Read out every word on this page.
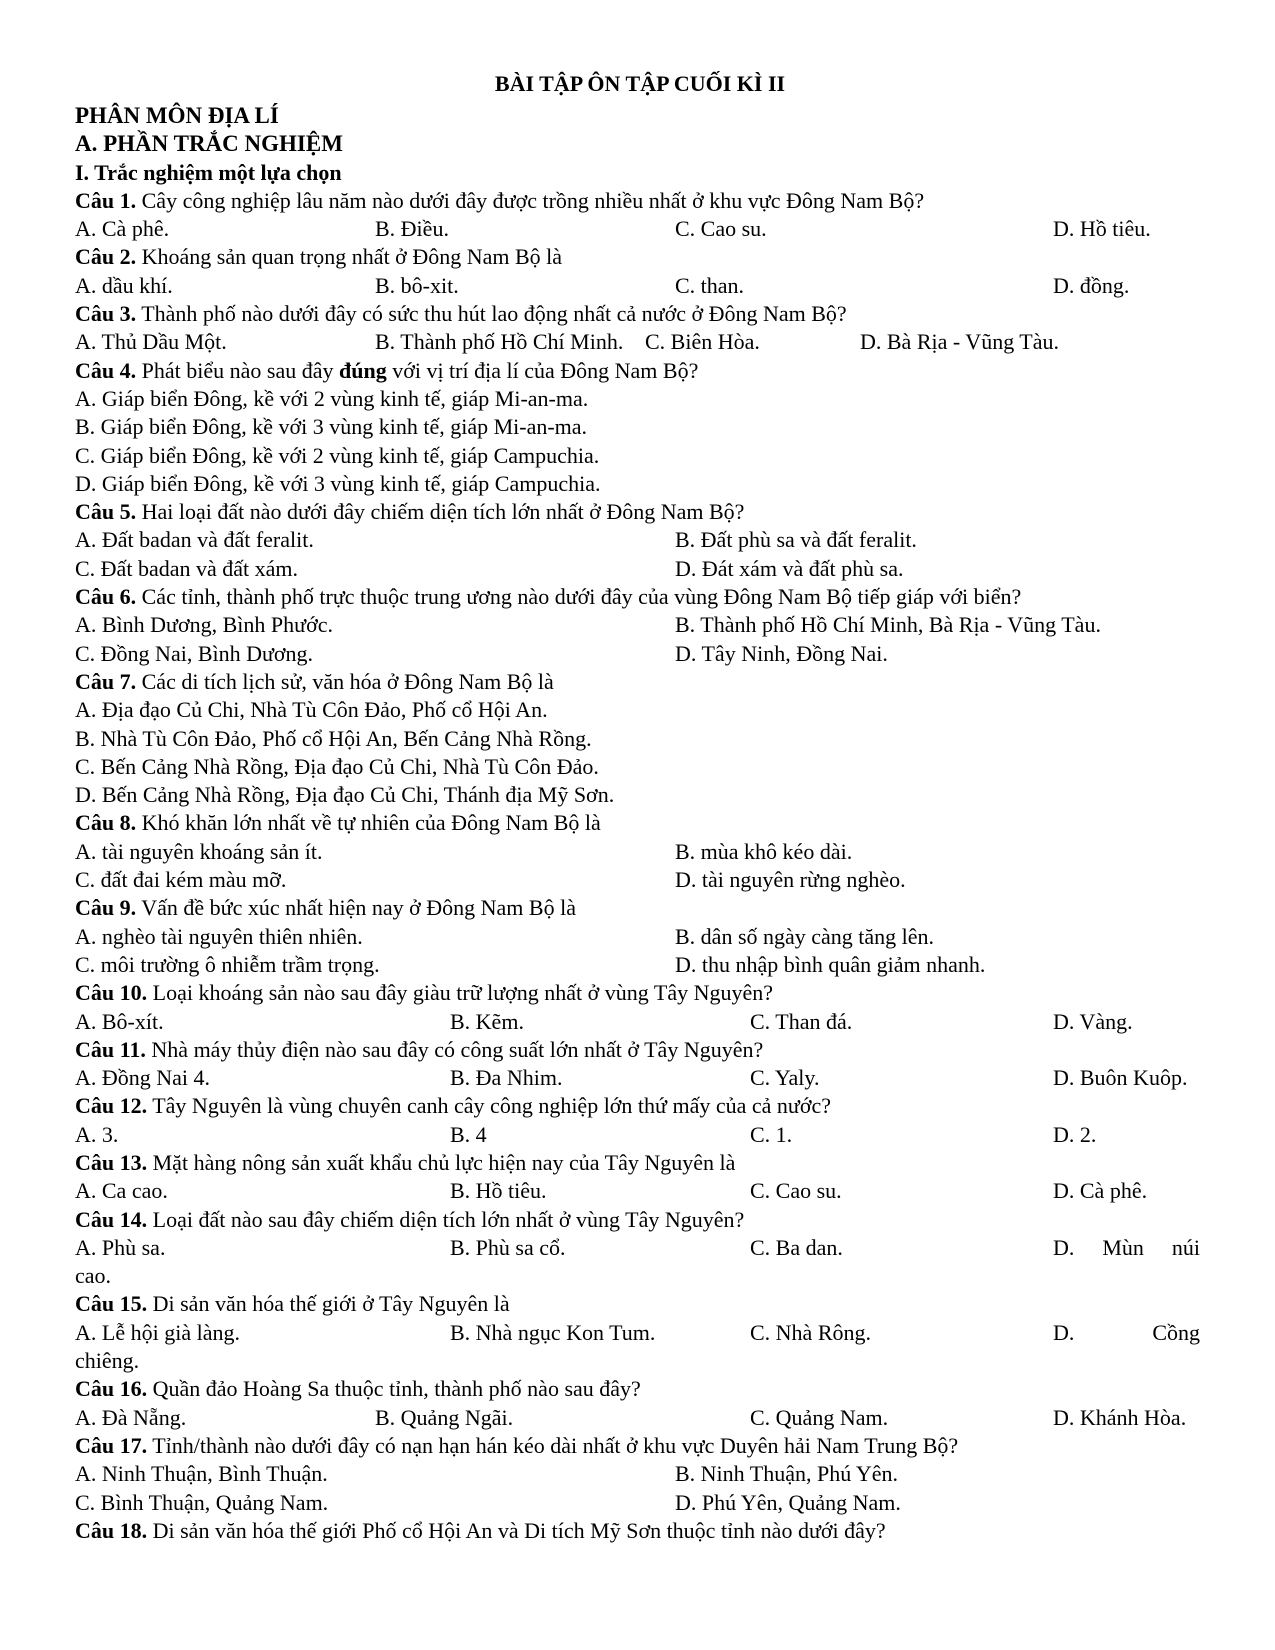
BÀI TẬP ÔN TẬP CUỐI KÌ II
PHÂN MÔN ĐỊA LÍ
A. PHẦN TRẮC NGHIỆM
I. Trắc nghiệm một lựa chọn
Câu 1. Cây công nghiệp lâu năm nào dưới đây được trồng nhiều nhất ở khu vực Đông Nam Bộ?
A. Cà phê.	B. Điều.	C. Cao su.	D. Hồ tiêu.
Câu 2. Khoáng sản quan trọng nhất ở Đông Nam Bộ là
A. dầu khí.	B. bô-xit.	C. than.	D. đồng.
Câu 3. Thành phố nào dưới đây có sức thu hút lao động nhất cả nước ở Đông Nam Bộ?
A. Thủ Dầu Một.	B. Thành phố Hồ Chí Minh. C. Biên Hòa.	D. Bà Rịa - Vũng Tàu.
Câu 4. Phát biểu nào sau đây đúng với vị trí địa lí của Đông Nam Bộ?
A. Giáp biển Đông, kề với 2 vùng kinh tế, giáp Mi-an-ma.
B. Giáp biển Đông, kề với 3 vùng kinh tế, giáp Mi-an-ma.
C. Giáp biển Đông, kề với 2 vùng kinh tế, giáp Campuchia.
D. Giáp biển Đông, kề với 3 vùng kinh tế, giáp Campuchia.
Câu 5. Hai loại đất nào dưới đây chiếm diện tích lớn nhất ở Đông Nam Bộ?
A. Đất badan và đất feralit.	B. Đất phù sa và đất feralit.
C. Đất badan và đất xám.	D. Đát xám và đất phù sa.
Câu 6. Các tỉnh, thành phố trực thuộc trung ương nào dưới đây của vùng Đông Nam Bộ tiếp giáp với biển?
A. Bình Dương, Bình Phước.	B. Thành phố Hồ Chí Minh, Bà Rịa - Vũng Tàu.
C. Đồng Nai, Bình Dương.	D. Tây Ninh, Đồng Nai.
Câu 7. Các di tích lịch sử, văn hóa ở Đông Nam Bộ là
A. Địa đạo Củ Chi, Nhà Tù Côn Đảo, Phố cổ Hội An.
B. Nhà Tù Côn Đảo, Phố cổ Hội An, Bến Cảng Nhà Rồng.
C. Bến Cảng Nhà Rồng, Địa đạo Củ Chi, Nhà Tù Côn Đảo.
D. Bến Cảng Nhà Rồng, Địa đạo Củ Chi, Thánh địa Mỹ Sơn.
Câu 8. Khó khăn lớn nhất về tự nhiên của Đông Nam Bộ là
A. tài nguyên khoáng sản ít.	B. mùa khô kéo dài.
C. đất đai kém màu mỡ.	D. tài nguyên rừng nghèo.
Câu 9. Vấn đề bức xúc nhất hiện nay ở Đông Nam Bộ là
A. nghèo tài nguyên thiên nhiên.	B. dân số ngày càng tăng lên.
C. môi trường ô nhiễm trầm trọng.	D. thu nhập bình quân giảm nhanh.
Câu 10. Loại khoáng sản nào sau đây giàu trữ lượng nhất ở vùng Tây Nguyên?
A. Bô-xít.	B. Kẽm.	C. Than đá.	D. Vàng.
Câu 11. Nhà máy thủy điện nào sau đây có công suất lớn nhất ở Tây Nguyên?
A. Đồng Nai 4.	B. Đa Nhim.	C. Yaly.	D. Buôn Kuôp.
Câu 12. Tây Nguyên là vùng chuyên canh cây công nghiệp lớn thứ mấy của cả nước?
A. 3.	B. 4	C. 1.	D. 2.
Câu 13. Mặt hàng nông sản xuất khẩu chủ lực hiện nay của Tây Nguyên là
A. Ca cao.	B. Hồ tiêu.	C. Cao su.	D. Cà phê.
Câu 14. Loại đất nào sau đây chiếm diện tích lớn nhất ở vùng Tây Nguyên?
A. Phù sa.	B. Phù sa cổ.	C. Ba dan.	D. Mùn núi
cao.
Câu 15. Di sản văn hóa thế giới ở Tây Nguyên là
A. Lễ hội già làng.	B. Nhà ngục Kon Tum.	C. Nhà Rông.	D.	Cồng
chiêng.
Câu 16. Quần đảo Hoàng Sa thuộc tỉnh, thành phố nào sau đây?
A. Đà Nẵng.	B. Quảng Ngãi.	C. Quảng Nam.	D. Khánh Hòa.
Câu 17. Tỉnh/thành nào dưới đây có nạn hạn hán kéo dài nhất ở khu vực Duyên hải Nam Trung Bộ?
A. Ninh Thuận, Bình Thuận.	B. Ninh Thuận, Phú Yên.
C. Bình Thuận, Quảng Nam.	D. Phú Yên, Quảng Nam.
Câu 18. Di sản văn hóa thế giới Phố cổ Hội An và Di tích Mỹ Sơn thuộc tỉnh nào dưới đây?
